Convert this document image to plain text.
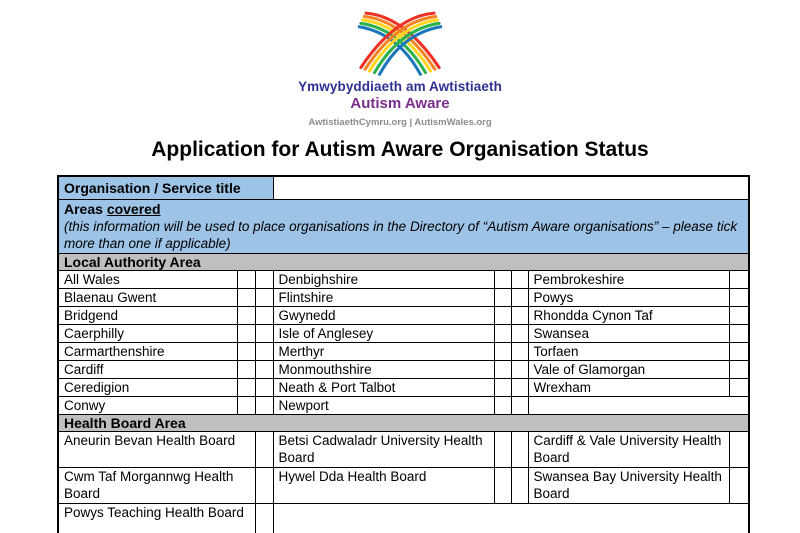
Ymwybyddiaeth am Awtistiaeth
Autism Aware
AwtistiaethCymru.org | AutismWales.org
Application for Autism Aware Organisation Status
Organisation / Service title							

Areas covered
(this information will be used to place organisations in the Directory of “Autism Aware organisations” – please tick more than one if applicable)							

Local Authority Area							
All Wales			Denbighshire			Pembrokeshire	
Blaenau Gwent			Flintshire			Powys	
Bridgend			Gwynedd			Rhondda Cynon Taf	
Caerphilly			Isle of Anglesey			Swansea	
Carmarthenshire			Merthyr			Torfaen	
Cardiff			Monmouthshire			Vale of Glamorgan	
Ceredigion			Neath & Port Talbot			Wrexham	
Conwy			Newport				
Health Board Area							
Aneurin Bevan Health Board			Betsi Cadwaladr University Health Board			Cardiff & Vale University Health Board	
Cwm Taf Morgannwg Health Board			Hywel Dda Health Board			Swansea Bay University Health Board	
Powys Teaching Health Board							
